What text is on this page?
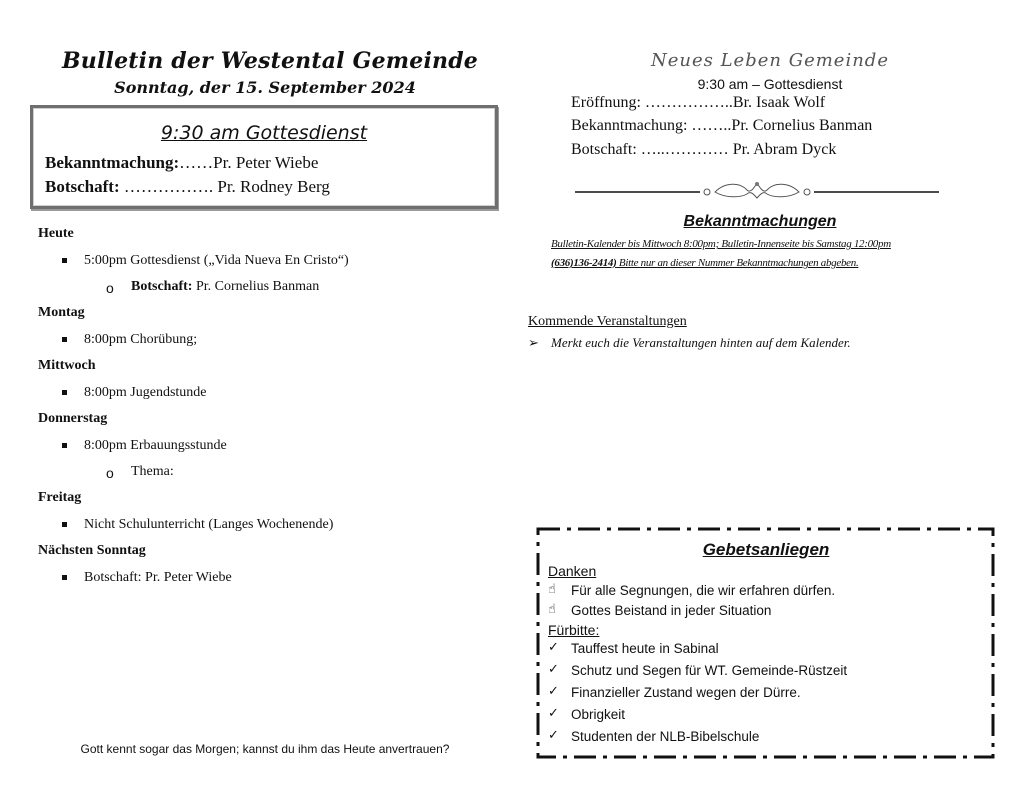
Bulletin der Westental Gemeinde
Sonntag, der 15. September 2024
9:30 am Gottesdienst
Bekanntmachung:……Pr. Peter Wiebe
Botschaft: ……………. Pr. Rodney Berg
Heute
5:00pm Gottesdienst („Vida Nueva En Cristo“)
o Botschaft: Pr. Cornelius Banman
Montag
8:00pm Chorübung;
Mittwoch
8:00pm Jugendstunde
Donnerstag
8:00pm Erbauungsstunde
o Thema:
Freitag
Nicht Schulunterricht (Langes Wochenende)
Nächsten Sonntag
Botschaft: Pr. Peter Wiebe
Gott kennt sogar das Morgen; kannst du ihm das Heute anvertrauen?
Neues Leben Gemeinde
9:30 am – Gottesdienst
Eröffnung: ……………..Br. Isaak Wolf
Bekanntmachung: ……..Pr. Cornelius Banman
Botschaft: …..………… Pr. Abram Dyck
Bekanntmachungen
Bulletin-Kalender bis Mittwoch 8:00pm; Bulletin-Innenseite bis Samstag 12:00pm
(636)136-2414) Bitte nur an dieser Nummer Bekanntmachungen abgeben.
Kommende Veranstaltungen
➢ Merkt euch die Veranstaltungen hinten auf dem Kalender.
Gebetsanliegen
Danken
☝ Für alle Segnungen, die wir erfahren dürfen.
☝ Gottes Beistand in jeder Situation
Fürbitte:
✓ Tauffest heute in Sabinal
✓ Schutz und Segen für WT. Gemeinde-Rüstzeit
✓ Finanzieller Zustand wegen der Dürre.
✓ Obrigkeit
✓ Studenten der NLB-Bibelschule
